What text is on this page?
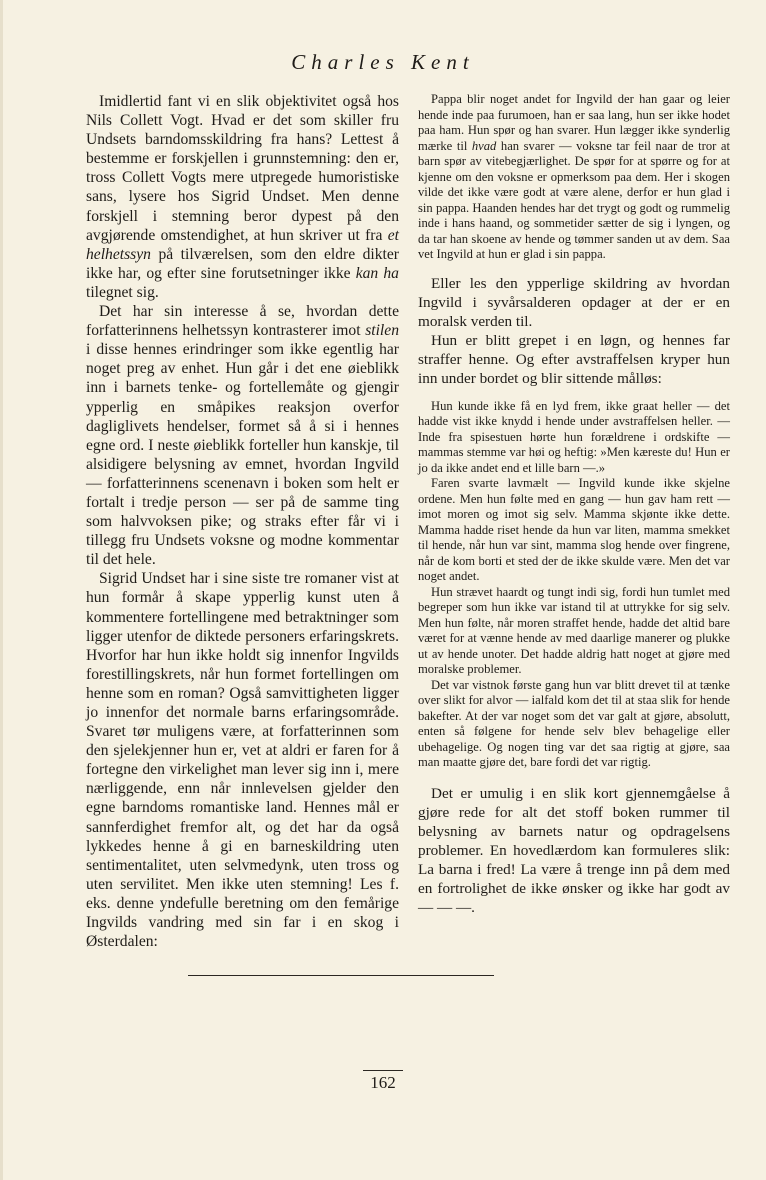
Charles Kent

Imidlertid fant vi en slik objektivitet også hos Nils Collett Vogt. Hvad er det som skiller fru Undsets barndomsskildring fra hans? Lettest å bestemme er forskjellen i grunnstemning: den er, tross Collett Vogts mere utpregede humoristiske sans, lysere hos Sigrid Undset. Men denne forskjell i stemning beror dypest på den avgjørende omstendighet, at hun skriver ut fra et helhetssyn på tilværelsen, som den eldre dikter ikke har, og efter sine forutsetninger ikke kan ha tilegnet sig.

Det har sin interesse å se, hvordan dette forfatterinnens helhetssyn kontrasterer imot stilen i disse hennes erindringer som ikke egentlig har noget preg av enhet. Hun går i det ene øieblikk inn i barnets tenke- og fortellemåte og gjengir ypperlig en småpikes reaksjon overfor dagliglivets hendelser, formet så å si i hennes egne ord. I neste øieblikk forteller hun kanskje, til alsidigere belysning av emnet, hvordan Ingvild — forfatterinnens scenenavn i boken som helt er fortalt i tredje person — ser på de samme ting som halvvoksen pike; og straks efter får vi i tillegg fru Undsets voksne og modne kommentar til det hele.

Sigrid Undset har i sine siste tre romaner vist at hun formår å skape ypperlig kunst uten å kommentere fortellingene med betraktninger som ligger utenfor de diktede personers erfaringskrets. Hvorfor har hun ikke holdt sig innenfor Ingvilds forestillingskrets, når hun formet fortellingen om henne som en roman? Også samvittigheten ligger jo innenfor det normale barns erfaringsområde. Svaret tør muligens være, at forfatterinnen som den sjelekjenner hun er, vet at aldri er faren for å fortegne den virkelighet man lever sig inn i, mere nærliggende, enn når innlevelsen gjelder den egne barndoms romantiske land. Hennes mål er sannferdighet fremfor alt, og det har da også lykkedes henne å gi en barneskildring uten sentimentalitet, uten selvmedynk, uten tross og uten servilitet. Men ikke uten stemning! Les f. eks. denne yndefulle beretning om den femårige Ingvilds vandring med sin far i en skog i Østerdalen:

Pappa blir noget andet for Ingvild der han gaar og leier hende inde paa furumoen, han er saa lang, hun ser ikke hodet paa ham. Hun spør og han svarer. Hun lægger ikke synderlig mærke til hvad han svarer — voksne tar feil naar de tror at barn spør av vitebegjærlighet. De spør for at spørre og for at kjenne om den voksne er opmerksom paa dem. Her i skogen vilde det ikke være godt at være alene, derfor er hun glad i sin pappa. Haanden hendes har det trygt og godt og rummelig inde i hans haand, og sommetider sætter de sig i lyngen, og da tar han skoene av hende og tømmer sanden ut av dem. Saa vet Ingvild at hun er glad i sin pappa.

Eller les den ypperlige skildring av hvordan Ingvild i syvårsalderen opdager at der er en moralsk verden til.

Hun er blitt grepet i en løgn, og hennes far straffer henne. Og efter avstraffelsen kryper hun inn under bordet og blir sittende målløs:

Hun kunde ikke få en lyd frem, ikke graat heller — det hadde vist ikke knydd i hende under avstraffelsen heller. — Inde fra spisestuen hørte hun forældrene i ordskifte — mammas stemme var høi og heftig: »Men kæreste du! Hun er jo da ikke andet end et lille barn —.»

Faren svarte lavmælt — Ingvild kunde ikke skjelne ordene. Men hun følte med en gang — hun gav ham rett — imot moren og imot sig selv. Mamma skjønte ikke dette. Mamma hadde riset hende da hun var liten, mamma smekket til hende, når hun var sint, mamma slog hende over fingrene, når de kom borti et sted der de ikke skulde være. Men det var noget andet.

Hun strævet haardt og tungt indi sig, fordi hun tumlet med begreper som hun ikke var istand til at uttrykke for sig selv. Men hun følte, når moren straffet hende, hadde det altid bare været for at vænne hende av med daarlige manerer og plukke ut av hende unoter. Det hadde aldrig hatt noget at gjøre med moralske problemer.

Det var vistnok første gang hun var blitt drevet til at tænke over slikt for alvor — ialfald kom det til at staa slik for hende bakefter. At der var noget som det var galt at gjøre, absolutt, enten så følgene for hende selv blev behagelige eller ubehagelige. Og nogen ting var det saa rigtig at gjøre, saa man maatte gjøre det, bare fordi det var rigtig.

Det er umulig i en slik kort gjennemgåelse å gjøre rede for alt det stoff boken rummer til belysning av barnets natur og opdragelsens problemer. En hovedlærdom kan formuleres slik: La barna i fred! La være å trenge inn på dem med en fortrolighet de ikke ønsker og ikke har godt av — — —.

162
